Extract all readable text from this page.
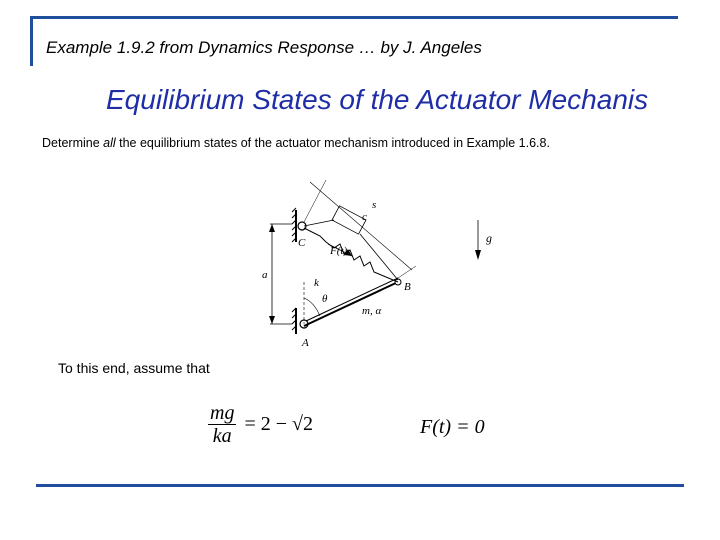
Example 1.9.2 from Dynamics Response … by J. Angeles
Equilibrium States of the Actuator Mechanis
Determine all the equilibrium states of the actuator mechanism introduced in Example 1.6.8.
s
c
g
C
a
F(t)
k	B
θ
m, α
A
To this end, assume that
$\frac{mg}{ka} = 2 - √2$	F(t) = 0
